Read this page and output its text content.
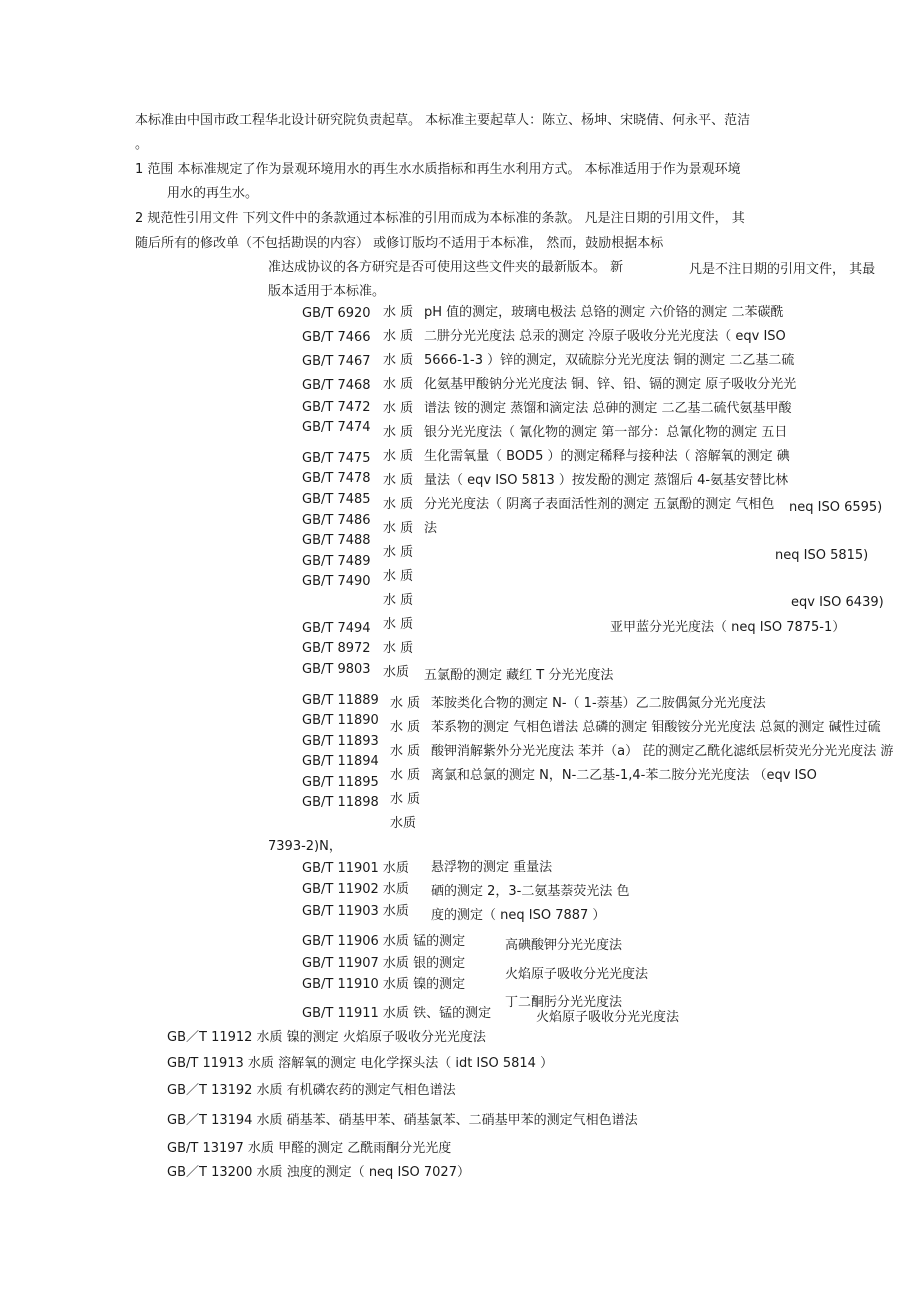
本标准由中国市政工程华北设计研究院负责起草。 本标准主要起草人：陈立、杨坤、宋晓倩、何永平、范洁
。
1 范围 本标准规定了作为景观环境用水的再生水水质指标和再生水利用方式。 本标准适用于作为景观环境
用水的再生水。
2 规范性引用文件 下列文件中的条款通过本标准的引用而成为本标准的条款。 凡是注日期的引用文件， 其
随后所有的修改单（不包括勘误的内容） 或修订版均不适用于本标准， 然而，鼓励根据本标
准达成协议的各方研究是否可使用这些文件夹的最新版本。 新	凡是不注日期的引用文件， 其最
版本适用于本标准。
GB/T 6920
GB/T 7466
GB/T 7467
GB/T 7468
GB/T 7472
GB/T 7474
GB/T 7475
GB/T 7478
GB/T 7485
GB/T 7486
GB/T 7488
GB/T 7489
GB/T 7490
GB/T 7494
GB/T 8972
GB/T 9803
水 质
水 质
水 质
水 质
水 质
水 质
水 质
水 质
水 质
水 质
水 质
水 质
水 质
水 质
水 质
水质
pH 值的测定，玻璃电极法 总铬的测定 六价铬的测定 二苯碳酰
二肼分光光度法 总汞的测定 冷原子吸收分光光度法（ eqv ISO
5666-1-3 ）锌的测定，双硫腙分光光度法 铜的测定 二乙基二硫
化氨基甲酸钠分光光度法 铜、锌、铅、镉的测定 原子吸收分光光
谱法 铵的测定 蒸馏和滴定法 总砷的测定 二乙基二硫代氨基甲酸
银分光光度法（ 氰化物的测定 第一部分：总氰化物的测定 五日
生化需氧量（ BOD5 ）的测定稀释与接种法（ 溶解氧的测定 碘
量法（ eqv ISO 5813 ）按发酚的测定 蒸馏后 4-氨基安替比林
分光光度法（ 阴离子表面活性剂的测定 五氯酚的测定 气相色
法
neq ISO 6595)
neq ISO 5815)
eqv ISO 6439)
亚甲蓝分光光度法（ neq ISO 7875-1）
五氯酚的测定 藏红 T 分光光度法
GB/T 11889
GB/T 11890
GB/T 11893
GB/T 11894
GB/T 11895
GB/T 11898
水 质
水 质
水 质
水 质
水 质
水质
苯胺类化合物的测定 N-（ 1-萘基）乙二胺偶氮分光光度法
苯系物的测定 气相色谱法 总磷的测定 钼酸铵分光光度法 总氮的测定 碱性过硫
酸钾消解紫外分光光度法 苯并（a） 芘的测定乙酰化滤纸层析荧光分光光度法 游
离氯和总氯的测定 N，N-二乙基-1,4-苯二胺分光光度法 （eqv ISO
7393-2)N，
GB/T 11901 水质
GB/T 11902 水质
GB/T 11903 水质
悬浮物的测定 重量法
硒的测定 2，3-二氨基萘荧光法 色
度的测定（ neq ISO 7887 ）
GB/T 11906 水质 锰的测定
GB/T 11907 水质 银的测定
GB/T 11910 水质 镍的测定
GB/T 11911 水质 铁、锰的测定
高碘酸钾分光光度法
火焰原子吸收分光光度法
丁二酮肟分光光度法
火焰原子吸收分光光度法
GB／T 11912 水质 镍的测定 火焰原子吸收分光光度法
GB/T 11913 水质 溶解氧的测定 电化学探头法（ idt ISO 5814 ）
GB／T 13192 水质 有机磷农药的测定气相色谱法
GB／T 13194 水质 硝基苯、硝基甲苯、硝基氯苯、二硝基甲苯的测定气相色谱法
GB/T 13197 水质 甲醛的测定 乙酰雨酮分光光度
GB／T 13200 水质 浊度的测定（ neq ISO 7027）
